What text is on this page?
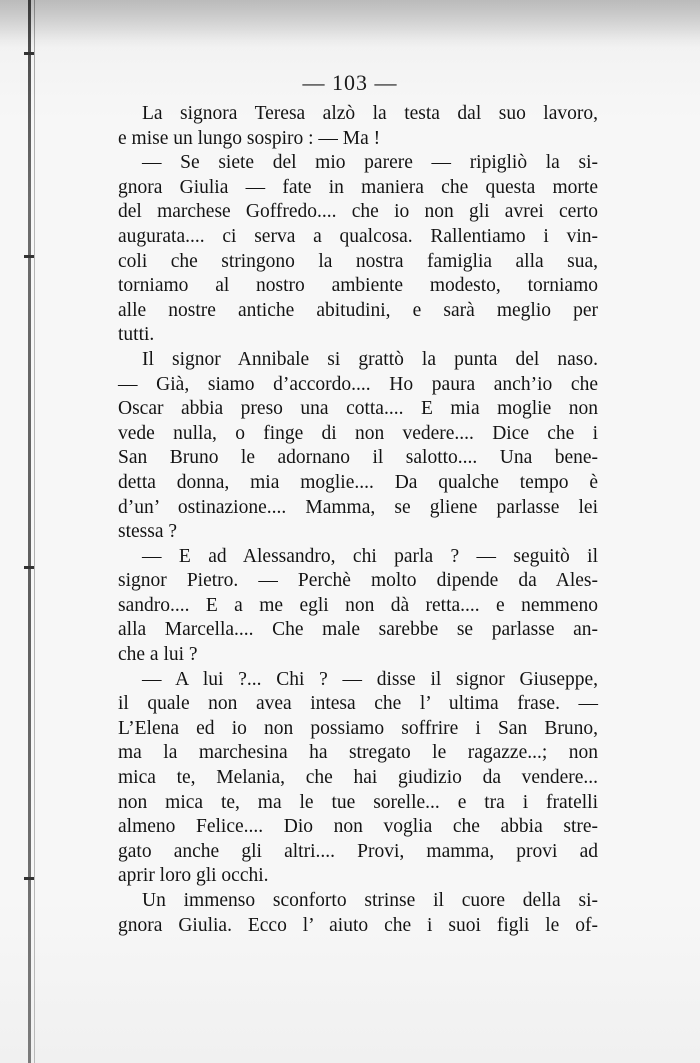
— 103 —
La signora Teresa alzò la testa dal suo lavoro,
e mise un lungo sospiro : — Ma !
— Se siete del mio parere — ripigliò la si-
gnora Giulia — fate in maniera che questa morte
del marchese Goffredo.... che io non gli avrei certo
augurata.... ci serva a qualcosa. Rallentiamo i vin-
coli che stringono la nostra famiglia alla sua,
torniamo al nostro ambiente modesto, torniamo
alle nostre antiche abitudini, e sarà meglio per
tutti.
Il signor Annibale si grattò la punta del naso.
— Già, siamo d’accordo.... Ho paura anch’io che
Oscar abbia preso una cotta.... E mia moglie non
vede nulla, o finge di non vedere.... Dice che i
San Bruno le adornano il salotto.... Una bene-
detta donna, mia moglie.... Da qualche tempo è
d’un’ ostinazione.... Mamma, se gliene parlasse lei
stessa ?
— E ad Alessandro, chi parla ? — seguitò il
signor Pietro. — Perchè molto dipende da Ales-
sandro.... E a me egli non dà retta.... e nemmeno
alla Marcella.... Che male sarebbe se parlasse an-
che a lui ?
— A lui ?... Chi ? — disse il signor Giuseppe,
il quale non avea intesa che l’ ultima frase. —
L’Elena ed io non possiamo soffrire i San Bruno,
ma la marchesina ha stregato le ragazze...; non
mica te, Melania, che hai giudizio da vendere...
non mica te, ma le tue sorelle... e tra i fratelli
almeno Felice.... Dio non voglia che abbia stre-
gato anche gli altri.... Provi, mamma, provi ad
aprir loro gli occhi.
Un immenso sconforto strinse il cuore della si-
gnora Giulia. Ecco l’ aiuto che i suoi figli le of-
